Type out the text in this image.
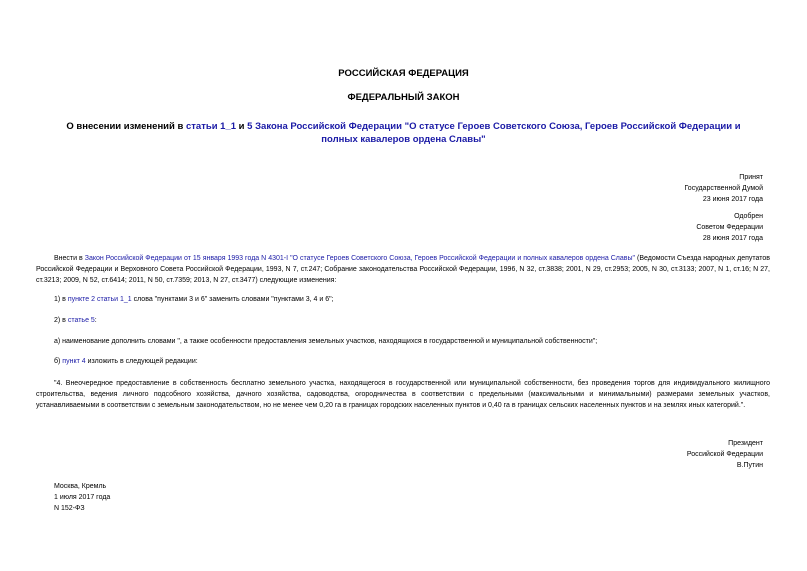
РОССИЙСКАЯ ФЕДЕРАЦИЯ
ФЕДЕРАЛЬНЫЙ ЗАКОН
О внесении изменений в статьи 1_1 и 5 Закона Российской Федерации "О статусе Героев Советского Союза, Героев Российской Федерации и полных кавалеров ордена Славы"
Принят
Государственной Думой
23 июня 2017 года
Одобрен
Советом Федерации
28 июня 2017 года
Внести в Закон Российской Федерации от 15 января 1993 года N 4301-I "О статусе Героев Советского Союза, Героев Российской Федерации и полных кавалеров ордена Славы" (Ведомости Съезда народных депутатов Российской Федерации и Верховного Совета Российской Федерации, 1993, N 7, ст.247; Собрание законодательства Российской Федерации, 1996, N 32, ст.3838; 2001, N 29, ст.2953; 2005, N 30, ст.3133; 2007, N 1, ст.16; N 27, ст.3213; 2009, N 52, ст.6414; 2011, N 50, ст.7359; 2013, N 27, ст.3477) следующие изменения:
1) в пункте 2 статьи 1_1 слова "пунктами 3 и 6" заменить словами "пунктами 3, 4 и 6";
2) в статье 5:
а) наименование дополнить словами ", а также особенности предоставления земельных участков, находящихся в государственной и муниципальной собственности";
б) пункт 4 изложить в следующей редакции:
"4. Внеочередное предоставление в собственность бесплатно земельного участка, находящегося в государственной или муниципальной собственности, без проведения торгов для индивидуального жилищного строительства, ведения личного подсобного хозяйства, дачного хозяйства, садоводства, огородничества в соответствии с предельными (максимальными и минимальными) размерами земельных участков, устанавливаемыми в соответствии с земельным законодательством, но не менее чем 0,20 га в границах городских населенных пунктов и 0,40 га в границах сельских населенных пунктов и на землях иных категорий.".
Президент
Российской Федерации
В.Путин
Москва, Кремль
1 июля 2017 года
N 152-ФЗ
